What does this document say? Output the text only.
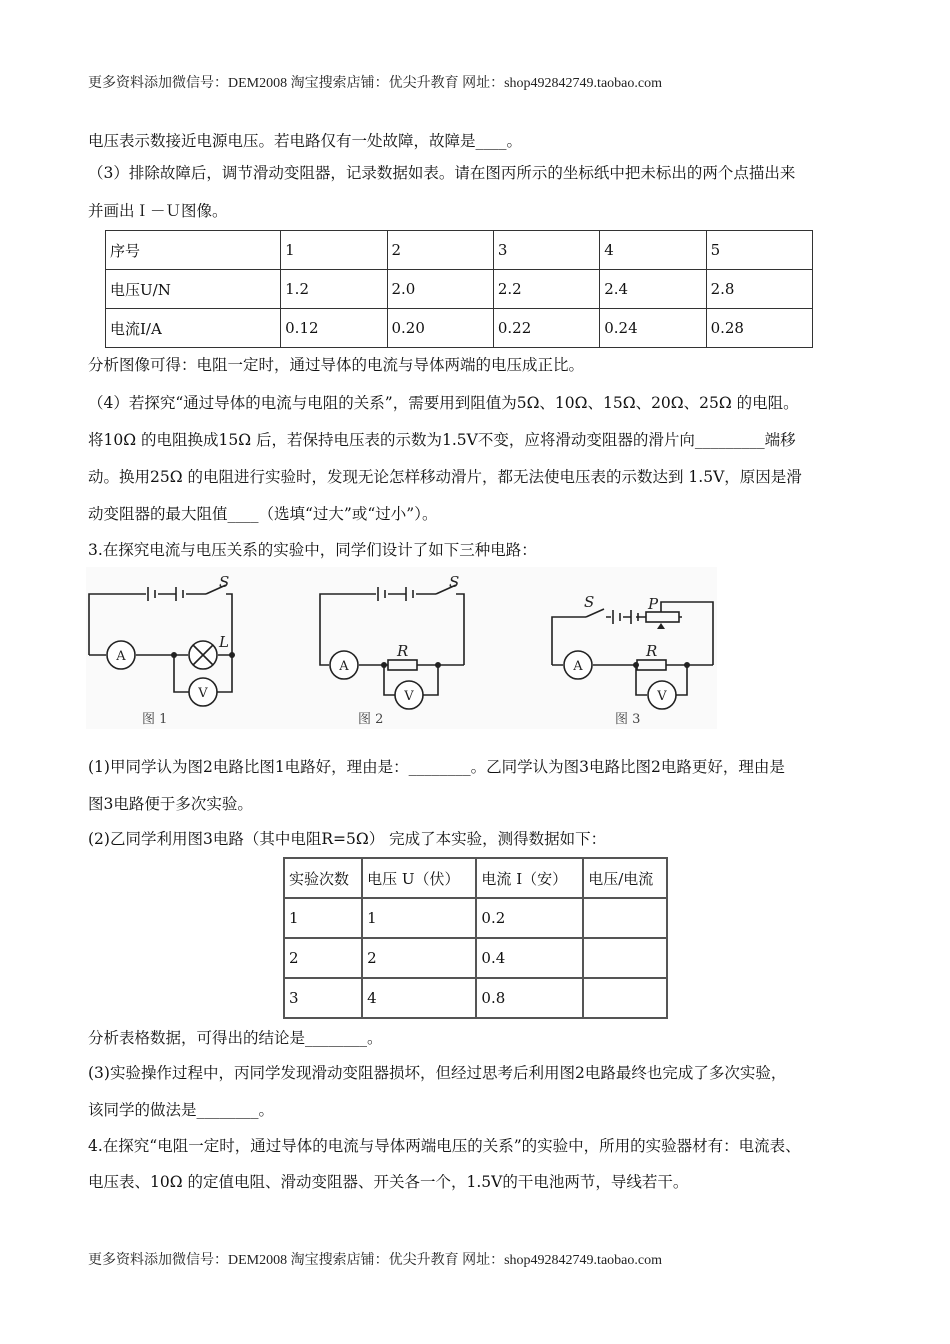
更多资料添加微信号：DEM2008 淘宝搜索店铺：优尖升教育 网址：shop492842749.taobao.com
电压表示数接近电源电压。若电路仅有一处故障，故障是____。
（3）排除故障后，调节滑动变阻器，记录数据如表。请在图丙所示的坐标纸中把未标出的两个点描出来
并画出Ｉ－Ｕ图像。
序号	1	2	3	4	5
电压U/N	1.2	2.0	2.2	2.4	2.8
电流I/A	0.12	0.20	0.22	0.24	0.28
分析图像可得：电阻一定时，通过导体的电流与导体两端的电压成正比。
（4）若探究“通过导体的电流与电阻的关系”，需要用到阻值为5Ω、10Ω、15Ω、20Ω、25Ω 的电阻。
将10Ω 的电阻换成15Ω 后，若保持电压表的示数为1.5V不变，应将滑动变阻器的滑片向_________端移
动。换用25Ω 的电阻进行实验时，发现无论怎样移动滑片，都无法使电压表的示数达到 1.5V，原因是滑
动变阻器的最大阻值____（选填“过大”或“过小”）。
3.在探究电流与电压关系的实验中，同学们设计了如下三种电路：
A
V
A
V
A
V
S
L
S
R
S	P
R
图 1	图 2	图 3
(1)甲同学认为图2电路比图1电路好，理由是：________。乙同学认为图3电路比图2电路更好，理由是
图3电路便于多次实验。
(2)乙同学利用图3电路（其中电阻R=5Ω） 完成了本实验，测得数据如下：
实验次数	电压 U（伏）	电流 I（安）	电压/电流
1	1	0.2	
2	2	0.4	
3	4	0.8	
分析表格数据，可得出的结论是________。
(3)实验操作过程中，丙同学发现滑动变阻器损坏，但经过思考后利用图2电路最终也完成了多次实验，
该同学的做法是________。
4.在探究“电阻一定时，通过导体的电流与导体两端电压的关系”的实验中，所用的实验器材有：电流表、
电压表、10Ω 的定值电阻、滑动变阻器、开关各一个，1.5V的干电池两节，导线若干。
更多资料添加微信号：DEM2008 淘宝搜索店铺：优尖升教育 网址：shop492842749.taobao.com
